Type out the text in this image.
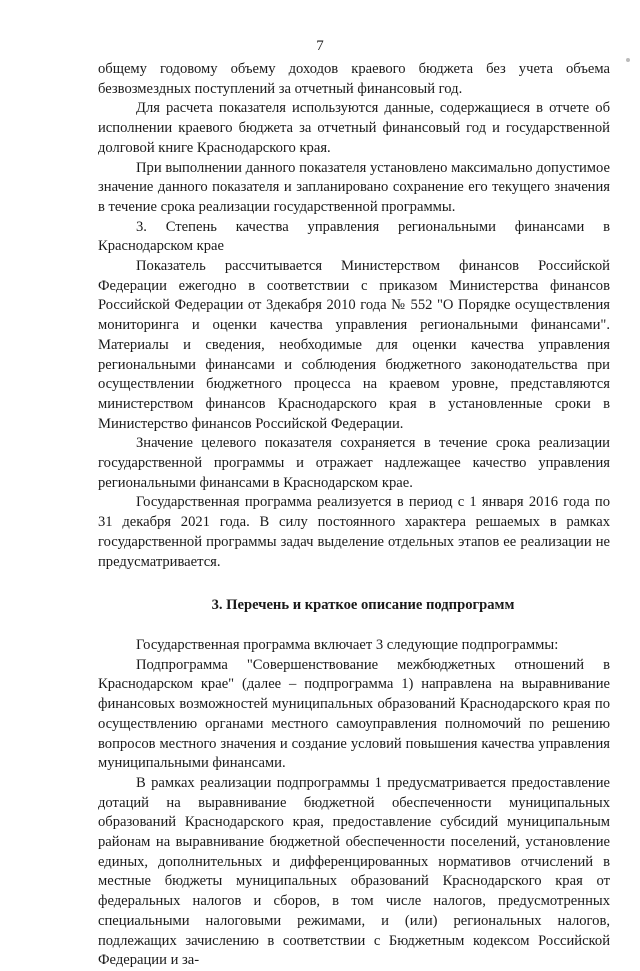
7

общему годовому объему доходов краевого бюджета без учета объема безвозмездных поступлений за отчетный финансовый год.

Для расчета показателя используются данные, содержащиеся в отчете об исполнении краевого бюджета за отчетный финансовый год и государственной долговой книге Краснодарского края.

При выполнении данного показателя установлено максимально допустимое значение данного показателя и запланировано сохранение его текущего значения в течение срока реализации государственной программы.

3. Степень качества управления региональными финансами в Краснодарском крае

Показатель рассчитывается Министерством финансов Российской Федерации ежегодно в соответствии с приказом Министерства финансов Российской Федерации от 3декабря 2010 года № 552 "О Порядке осуществления мониторинга и оценки качества управления региональными финансами". Материалы и сведения, необходимые для оценки качества управления региональными финансами и соблюдения бюджетного законодательства при осуществлении бюджетного процесса на краевом уровне, представляются министерством финансов Краснодарского края в установленные сроки в Министерство финансов Российской Федерации.

Значение целевого показателя сохраняется в течение срока реализации государственной программы и отражает надлежащее качество управления региональными финансами в Краснодарском крае.

Государственная программа реализуется в период с 1 января 2016 года по 31 декабря 2021 года. В силу постоянного характера решаемых в рамках государственной программы задач выделение отдельных этапов ее реализации не предусматривается.

3. Перечень и краткое описание подпрограмм

Государственная программа включает 3 следующие подпрограммы:

Подпрограмма "Совершенствование межбюджетных отношений в Краснодарском крае" (далее – подпрограмма 1) направлена на выравнивание финансовых возможностей муниципальных образований Краснодарского края по осуществлению органами местного самоуправления полномочий по решению вопросов местного значения и создание условий повышения качества управления муниципальными финансами.

В рамках реализации подпрограммы 1 предусматривается предоставление дотаций на выравнивание бюджетной обеспеченности муниципальных образований Краснодарского края, предоставление субсидий муниципальным районам на выравнивание бюджетной обеспеченности поселений, установление единых, дополнительных и дифференцированных нормативов отчислений в местные бюджеты муниципальных образований Краснодарского края от федеральных налогов и сборов, в том числе налогов, предусмотренных специальными налоговыми режимами, и (или) региональных налогов, подлежащих зачислению в соответствии с Бюджетным кодексом Российской Федерации и за-
